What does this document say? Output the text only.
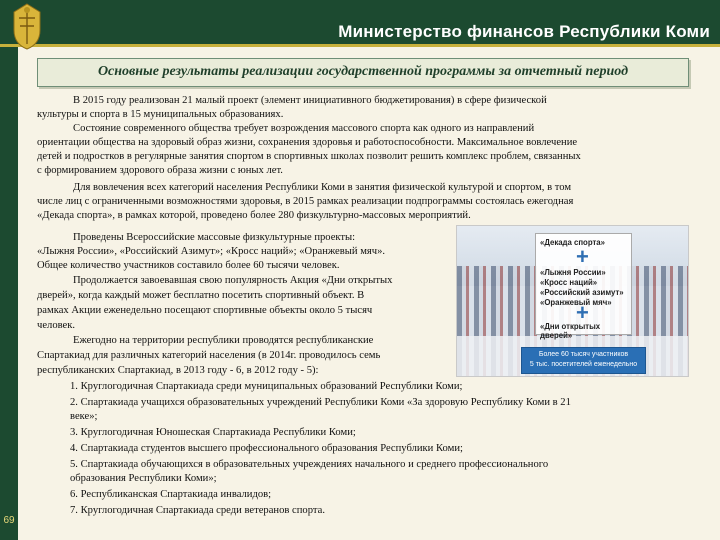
Министерство финансов Республики Коми
69
Основные результаты реализации государственной программы за отчетный период
В 2015 году реализован 21 малый проект (элемент инициативного бюджетирования) в сфере физической
культуры и спорта в 15 муниципальных образованиях.
Состояние современного общества требует возрождения массового спорта как одного из направлений
ориентации общества на здоровый образ жизни, сохранения здоровья и работоспособности. Максимальное вовлечение
детей и подростков в регулярные занятия спортом в спортивных школах позволит решить комплекс проблем, связанных
с формированием здорового образа жизни с юных лет.
Для вовлечения всех категорий населения Республики Коми в занятия физической культурой и спортом, в том
числе лиц с ограниченными возможностями здоровья, в 2015 рамках реализации подпрограммы состоялась ежегодная
«Декада спорта», в рамках которой, проведено более 280 физкультурно-массовых мероприятий.
Проведены Всероссийские массовые физкультурные проекты:
«Лыжня России», «Российский Азимут»; «Кросс наций»; «Оранжевый мяч».
Общее количество участников составило более 60 тысячи человек.
Продолжается завоевавшая свою популярность Акция «Дни открытых
дверей», когда каждый может бесплатно посетить спортивный объект. В
рамках Акции еженедельно посещают спортивные объекты около 5 тысяч
человек.
Ежегодно на территории республики проводятся республиканские
Спартакиад для различных категорий населения (в 2014г. проводилось семь
республиканских Спартакиад, в 2013 году - 6, в 2012 году - 5):
1. Круглогодичная Спартакиада среди муниципальных образований Республики Коми;
2. Спартакиада учащихся образовательных учреждений Республики Коми «За здоровую Республику Коми в 21
веке»;
3. Круглогодичная Юношеская Спартакиада Республики Коми;
4. Спартакиада студентов высшего профессионального образования Республики Коми;
5. Спартакиада обучающихся в образовательных учреждениях начального и среднего профессионального
образования Республики Коми»;
6. Республиканская Спартакиада инвалидов;
7. Круглогодичная Спартакиада среди ветеранов спорта.
«Декада спорта»
+
«Лыжня России»
«Кросс наций»
«Российский азимут»
«Оранжевый мяч»
+
«Дни открытых дверей»
Более 60 тысяч участников
5 тыс. посетителей еженедельно
